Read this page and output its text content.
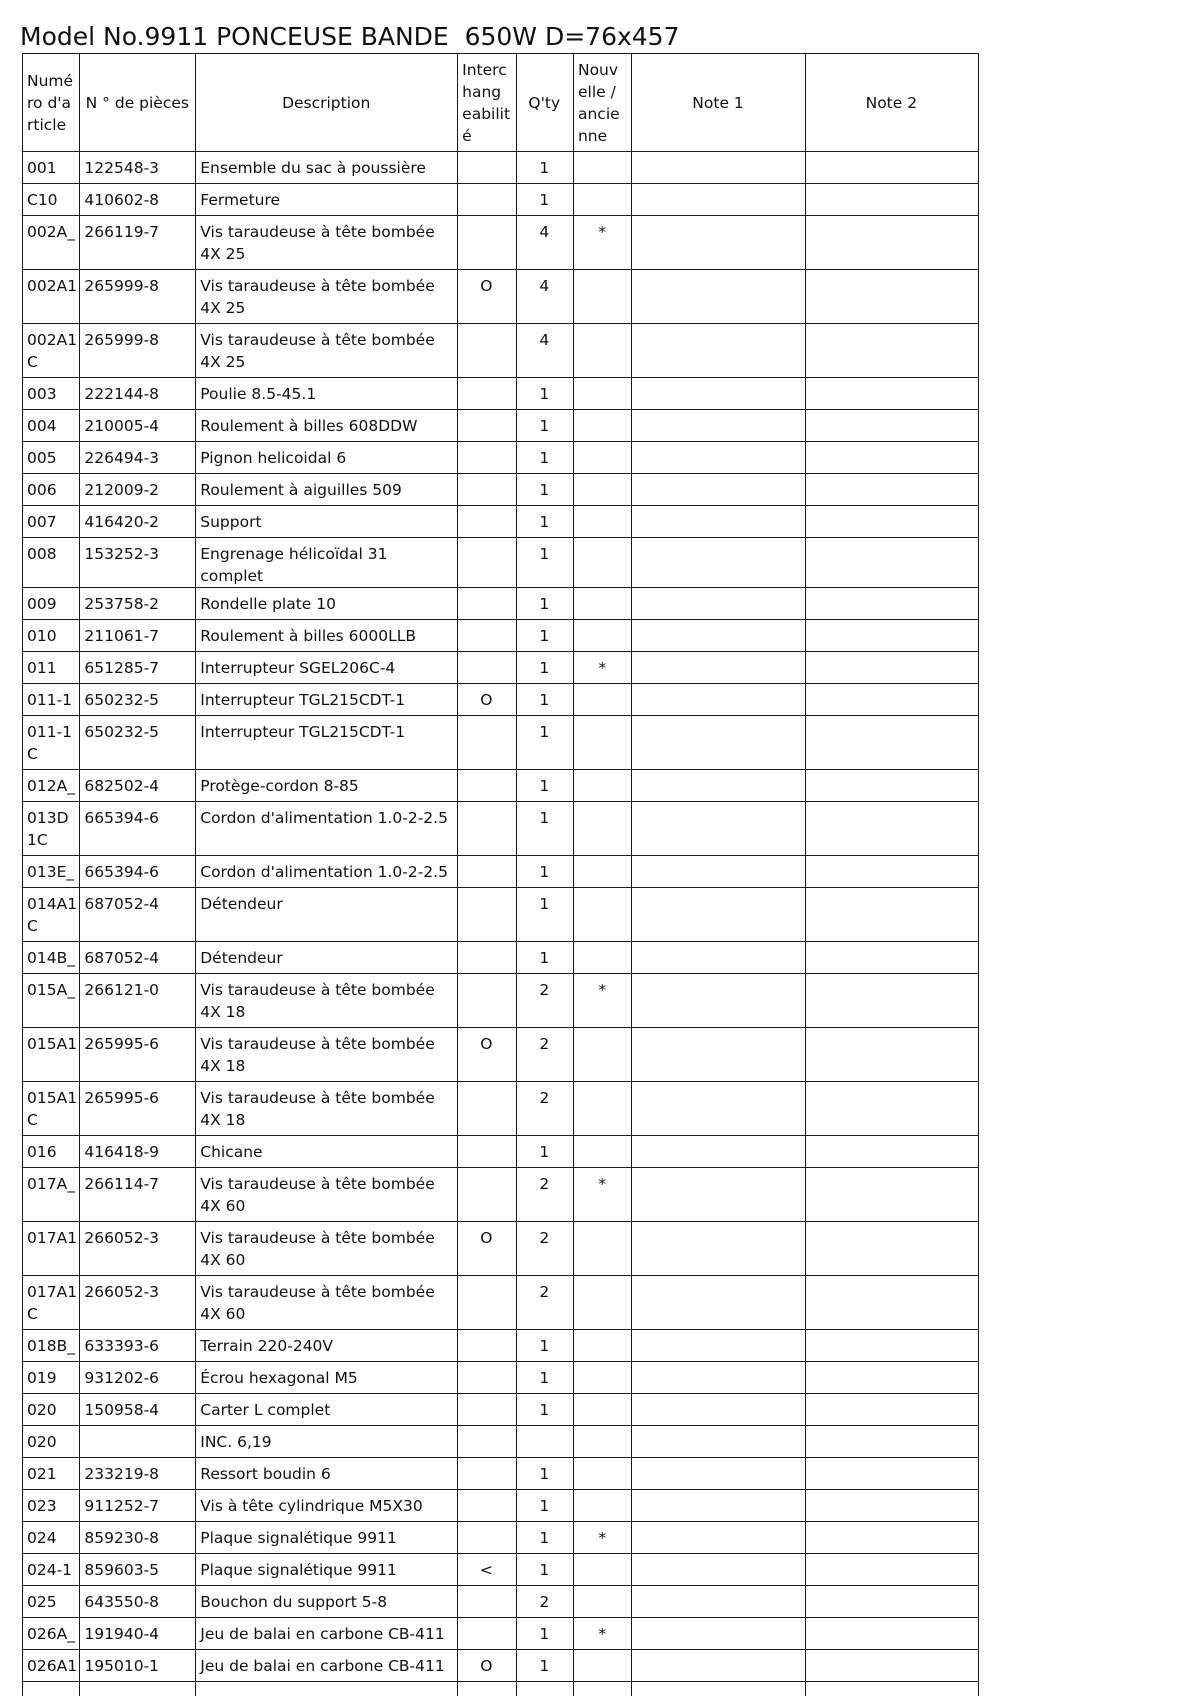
Model No.9911 PONCEUSE BANDE  650W D=76x457
Numé ro d'a rticle	N ° de pièces	Description	Interc hang eabilit é	Q'ty	Nouv elle / ancie nne	Note 1	Note 2
001	122548-3	Ensemble du sac à poussière		1			
C10	410602-8	Fermeture		1			
002A_	266119-7	Vis taraudeuse à tête bombée 4X 25		4	*		
002A1	265999-8	Vis taraudeuse à tête bombée 4X 25	O	4			
002A1 C	265999-8	Vis taraudeuse à tête bombée 4X 25		4			
003	222144-8	Poulie 8.5-45.1		1			
004	210005-4	Roulement à billes 608DDW		1			
005	226494-3	Pignon helicoidal 6		1			
006	212009-2	Roulement à aiguilles 509		1			
007	416420-2	Support		1			
008	153252-3	Engrenage hélicoïdal 31 complet		1			
009	253758-2	Rondelle plate 10		1			
010	211061-7	Roulement à billes 6000LLB		1			
011	651285-7	Interrupteur SGEL206C-4		1	*		
011-1	650232-5	Interrupteur TGL215CDT-1	O	1			
011-1 C	650232-5	Interrupteur TGL215CDT-1		1			
012A_	682502-4	Protège-cordon 8-85		1			
013D 1C	665394-6	Cordon d'alimentation 1.0-2-2.5		1			
013E_	665394-6	Cordon d'alimentation 1.0-2-2.5		1			
014A1 C	687052-4	Détendeur		1			
014B_	687052-4	Détendeur		1			
015A_	266121-0	Vis taraudeuse à tête bombée 4X 18		2	*		
015A1	265995-6	Vis taraudeuse à tête bombée 4X 18	O	2			
015A1 C	265995-6	Vis taraudeuse à tête bombée 4X 18		2			
016	416418-9	Chicane		1			
017A_	266114-7	Vis taraudeuse à tête bombée 4X 60		2	*		
017A1	266052-3	Vis taraudeuse à tête bombée 4X 60	O	2			
017A1 C	266052-3	Vis taraudeuse à tête bombée 4X 60		2			
018B_	633393-6	Terrain 220-240V		1			
019	931202-6	Écrou hexagonal M5		1			
020	150958-4	Carter L complet		1			
020		INC. 6,19					
021	233219-8	Ressort boudin 6		1			
023	911252-7	Vis à tête cylindrique M5X30		1			
024	859230-8	Plaque signalétique 9911		1	*		
024-1	859603-5	Plaque signalétique 9911	<	1			
025	643550-8	Bouchon du support 5-8		2			
026A_	191940-4	Jeu de balai en carbone CB-411		1	*		
026A1	195010-1	Jeu de balai en carbone CB-411	O	1			
